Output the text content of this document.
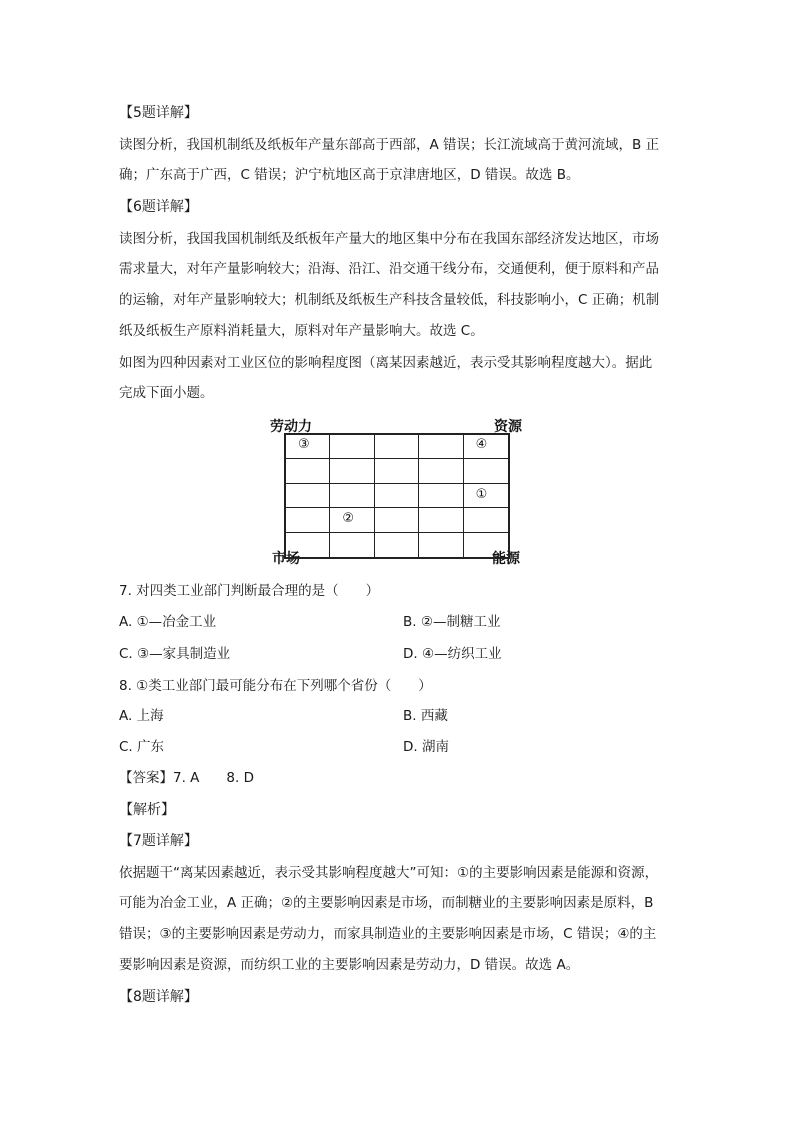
【5题详解】
读图分析，我国机制纸及纸板年产量东部高于西部，A 错误；长江流域高于黄河流域，B 正
确；广东高于广西，C 错误；沪宁杭地区高于京津唐地区，D 错误。故选 B。
【6题详解】
读图分析，我国我国机制纸及纸板年产量大的地区集中分布在我国东部经济发达地区，市场
需求量大，对年产量影响较大；沿海、沿江、沿交通干线分布，交通便利，便于原料和产品
的运输，对年产量影响较大；机制纸及纸板生产科技含量较低，科技影响小，C 正确；机制
纸及纸板生产原料消耗量大，原料对年产量影响大。故选 C。
如图为四种因素对工业区位的影响程度图（离某因素越近，表示受其影响程度越大）。据此
完成下面小题。
劳动力	资源
市场	能源
③	④
①
②
7. 对四类工业部门判断最合理的是（　　）
A. ①—冶金工业	B. ②—制糖工业
C. ③—家具制造业	D. ④—纺织工业
8. ①类工业部门最可能分布在下列哪个省份（　　）
A. 上海	B. 西藏
C. 广东	D. 湖南
【答案】7. A　　8. D
【解析】
【7题详解】
依据题干“离某因素越近，表示受其影响程度越大”可知：①的主要影响因素是能源和资源，
可能为冶金工业，A 正确；②的主要影响因素是市场，而制糖业的主要影响因素是原料，B
错误；③的主要影响因素是劳动力，而家具制造业的主要影响因素是市场，C 错误；④的主
要影响因素是资源，而纺织工业的主要影响因素是劳动力，D 错误。故选 A。
【8题详解】
